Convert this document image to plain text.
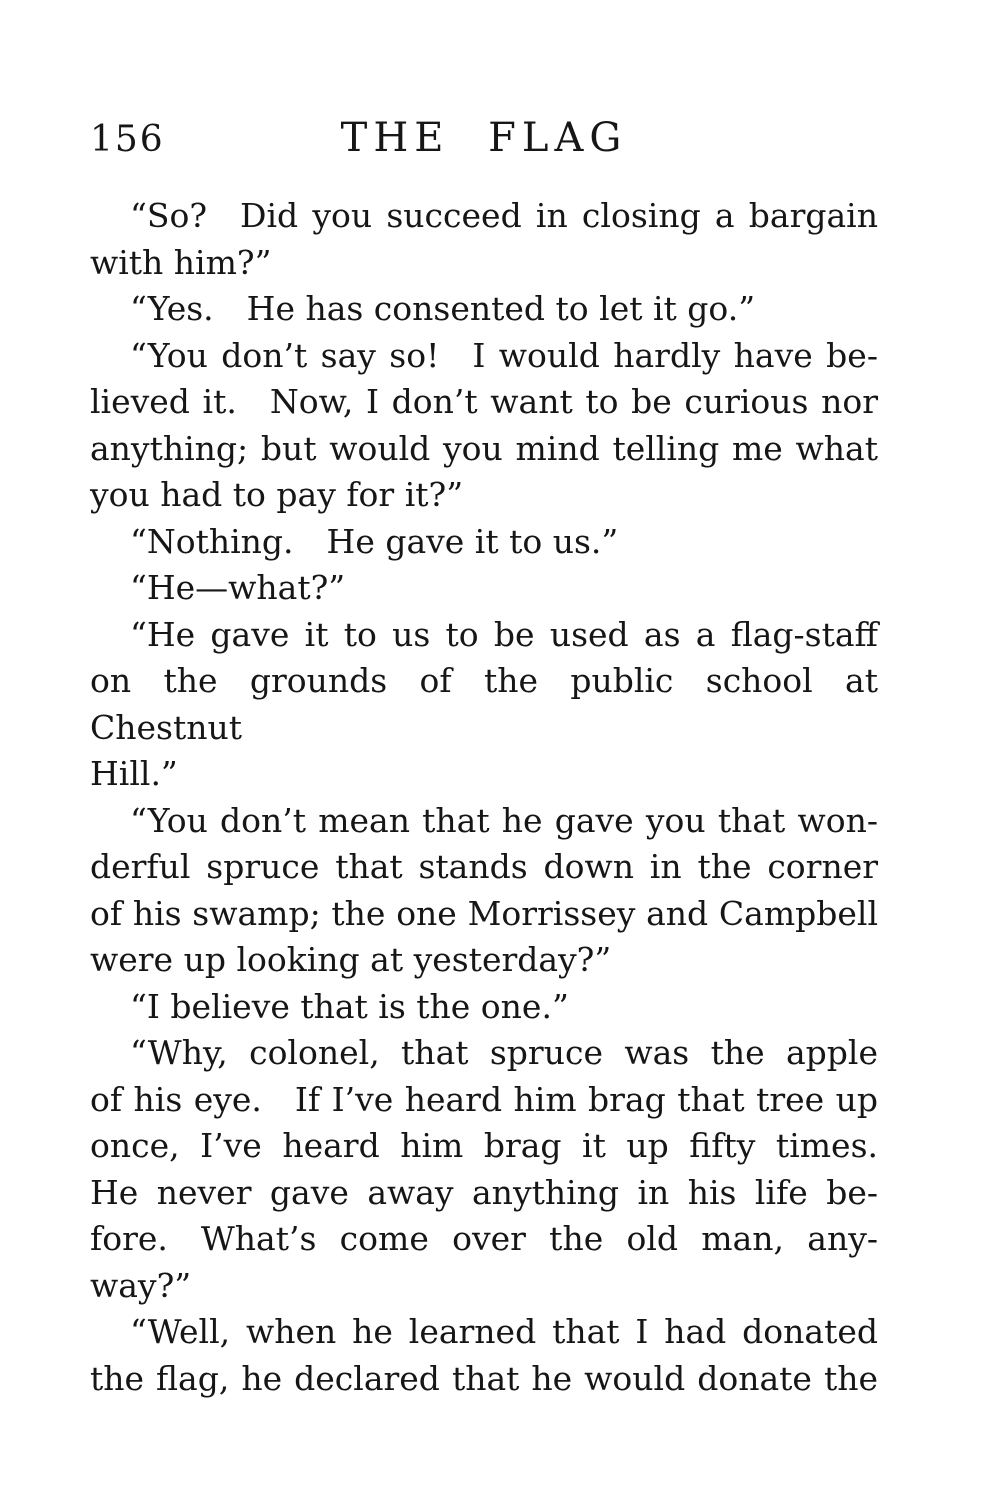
156	THE FLAG
“So? Did you succeed in closing a bargain
with him?”
“Yes. He has consented to let it go.”
“You don’t say so! I would hardly have be-
lieved it. Now, I don’t want to be curious nor
anything; but would you mind telling me what
you had to pay for it?”
“Nothing. He gave it to us.”
“He—what?”
“He gave it to us to be used as a flag-staff
on the grounds of the public school at Chestnut
Hill.”
“You don’t mean that he gave you that won-
derful spruce that stands down in the corner
of his swamp; the one Morrissey and Campbell
were up looking at yesterday?”
“I believe that is the one.”
“Why, colonel, that spruce was the apple
of his eye. If I’ve heard him brag that tree up
once, I’ve heard him brag it up fifty times.
He never gave away anything in his life be-
fore. What’s come over the old man, any-
way?”
“Well, when he learned that I had donated
the flag, he declared that he would donate the
